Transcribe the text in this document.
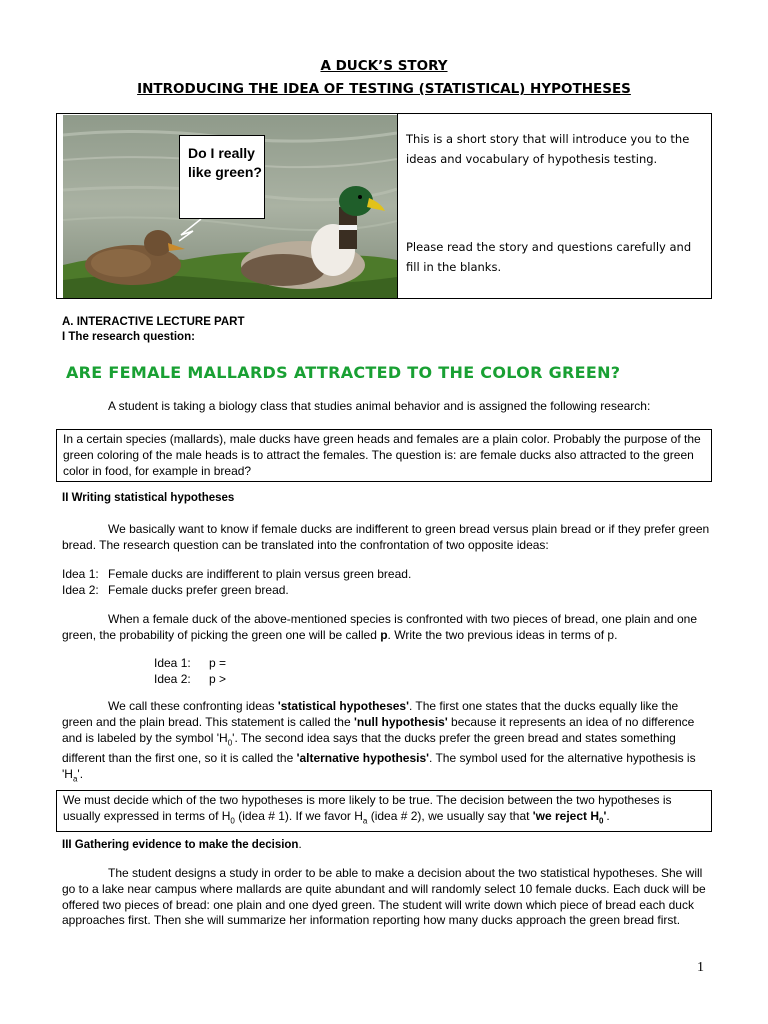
A DUCK’S STORY
INTRODUCING THE IDEA OF TESTING (STATISTICAL) HYPOTHESES
Do I really like green?
This is a short story that will introduce you to the ideas and vocabulary of hypothesis testing.
Please read the story and questions carefully and fill in the blanks.
A. INTERACTIVE LECTURE PART
I The research question:
ARE FEMALE MALLARDS ATTRACTED TO THE COLOR GREEN?
A student is taking a biology class that studies animal behavior and is assigned the following research:
In a certain species (mallards), male ducks have green heads and females are a plain color. Probably the purpose of the green coloring of the male heads is to attract the females. The question is: are female ducks also attracted to the green color in food, for example in bread?
II Writing statistical hypotheses
We basically want to know if female ducks are indifferent to green bread versus plain bread or if they prefer green bread. The research question can be translated into the confrontation of two opposite ideas:
Idea 1: Female ducks are indifferent to plain versus green bread.
Idea 2: Female ducks prefer green bread.
When a female duck of the above-mentioned species is confronted with two pieces of bread, one plain and one green, the probability of picking the green one will be called p. Write the two previous ideas in terms of p.
Idea 1: p =
Idea 2: p >
We call these confronting ideas 'statistical hypotheses'. The first one states that the ducks equally like the green and the plain bread. This statement is called the 'null hypothesis' because it represents an idea of no difference and is labeled by the symbol '$H_0$'. The second idea says that the ducks prefer the green bread and states something different than the first one, so it is called the 'alternative hypothesis'. The symbol used for the alternative hypothesis is '$H_a$'.
We must decide which of the two hypotheses is more likely to be true. The decision between the two hypotheses is usually expressed in terms of $H_0$ (idea # 1). If we favor $H_a$ (idea # 2), we usually say that 'we reject $H_0'$.
III Gathering evidence to make the decision.
The student designs a study in order to be able to make a decision about the two statistical hypotheses. She will go to a lake near campus where mallards are quite abundant and will randomly select 10 female ducks. Each duck will be offered two pieces of bread: one plain and one dyed green. The student will write down which piece of bread each duck approaches first. Then she will summarize her information reporting how many ducks approach the green bread first.
1
